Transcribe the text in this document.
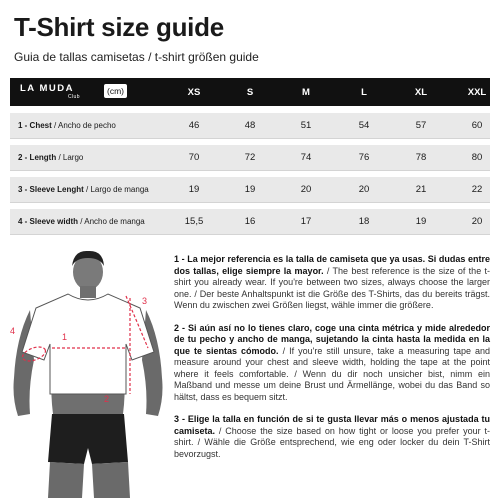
T-Shirt size guide
Guia de tallas camisetas / t-shirt größen guide
LA MUDA
Club
(cm)	XS	S	M	L	XL	XXL
1 - Chest / Ancho de pecho	46	48	51	54	57	60
2 - Length / Largo	70	72	74	76	78	80
3 - Sleeve Lenght / Largo de manga	19	19	20	20	21	22
4 - Sleeve width / Ancho de manga	15,5	16	17	18	19	20
1
2
3
4

1 - La mejor referencia es la talla de camiseta que ya usas. Si dudas entre dos tallas, elige siempre la mayor. / The best reference is the size of the t-shirt you already wear. If you're between two sizes, always choose the larger one. / Der beste Anhaltspunkt ist die Größe des T-Shirts, das du bereits trägst. Wenn du zwischen zwei Größen liegst, wähle immer die größere.

2 - Si aún así no lo tienes claro, coge una cinta métrica y mide alrededor de tu pecho y ancho de manga, sujetando la cinta hasta la medida en la que te sientas cómodo. / If you're still unsure, take a measuring tape and measure around your chest and sleeve width, holding the tape at the point where it feels comfortable. / Wenn du dir noch unsicher bist, nimm ein Maßband und messe um deine Brust und Ärmellänge, wobei du das Band so hältst, dass es bequem sitzt.

3 - Elige la talla en función de si te gusta llevar más o menos ajustada tu camiseta. / Choose the size based on how tight or loose you prefer your t-shirt. / Wähle die Größe entsprechend, wie eng oder locker du dein T-Shirt bevorzugst.
